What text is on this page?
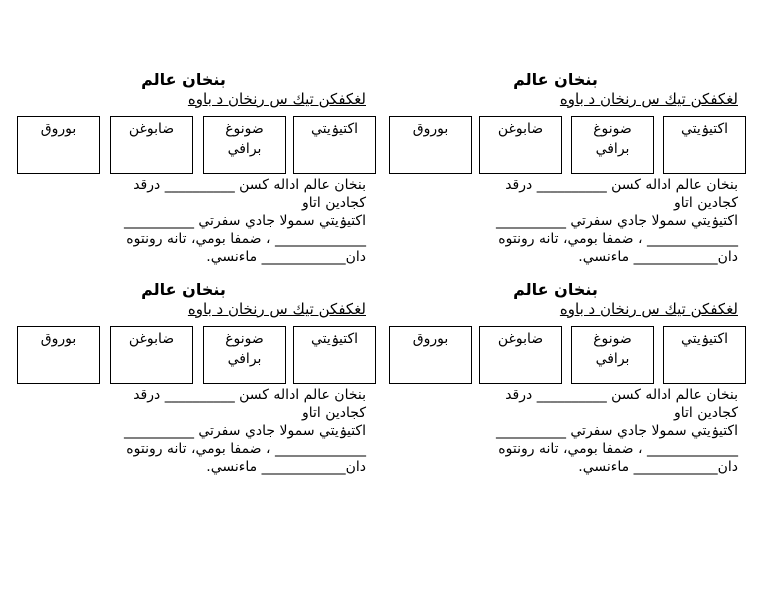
بنخان عالم
لغكفكن تيك س رنخان د باوه
اكتيۏيتي
ضونوغ برافي
ضابوغن
بوروق

بنخان عالم اداله كسن __________ درقد

كجادين اتاو

اكتيۏيتي سمولا جادي سفرتي __________

_____________ ، ضمفا بومي، تانه رونتوه

دان____________ ماءنسي.

بنخان عالم
لغكفكن تيك س رنخان د باوه
اكتيۏيتي
ضونوغ برافي
ضابوغن
بوروق

بنخان عالم اداله كسن __________ درقد

كجادين اتاو

اكتيۏيتي سمولا جادي سفرتي __________

_____________ ، ضمفا بومي، تانه رونتوه

دان____________ ماءنسي.

بنخان عالم
لغكفكن تيك س رنخان د باوه
اكتيۏيتي
ضونوغ برافي
ضابوغن
بوروق

بنخان عالم اداله كسن __________ درقد

كجادين اتاو

اكتيۏيتي سمولا جادي سفرتي __________

_____________ ، ضمفا بومي، تانه رونتوه

دان____________ ماءنسي.

بنخان عالم
لغكفكن تيك س رنخان د باوه
اكتيۏيتي
ضونوغ برافي
ضابوغن
بوروق

بنخان عالم اداله كسن __________ درقد

كجادين اتاو

اكتيۏيتي سمولا جادي سفرتي __________

_____________ ، ضمفا بومي، تانه رونتوه

دان____________ ماءنسي.
